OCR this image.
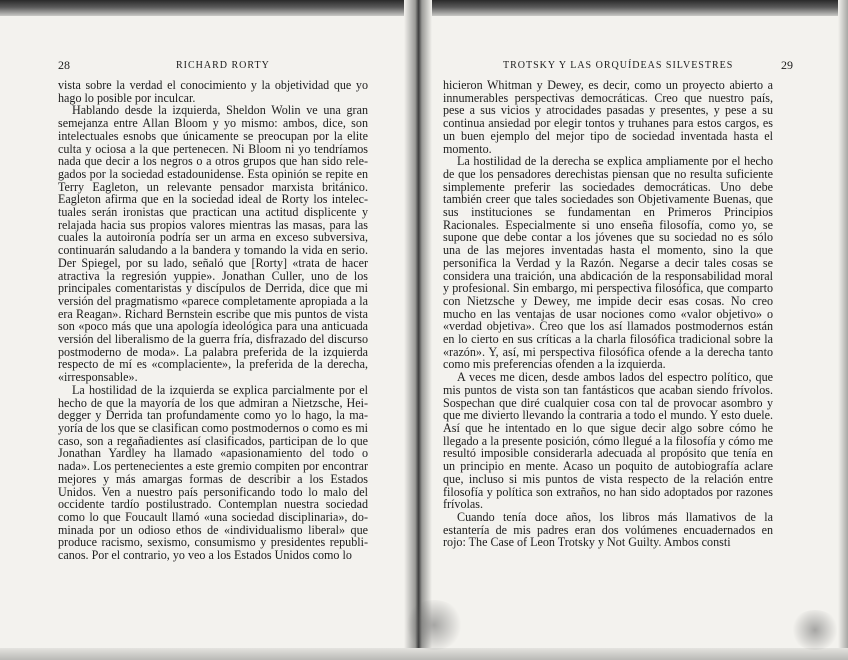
28	RICHARD RORTY

vista sobre la verdad el conocimiento y la objetividad que yo hago lo posible por inculcar.

Hablando desde la izquierda, Sheldon Wolin ve una gran semejanza entre Allan Bloom y yo mismo: ambos, dice, son intelectuales esnobs que únicamente se preocupan por la elite culta y ociosa a la que pertenecen. Ni Bloom ni yo tendríamos nada que decir a los negros o a otros grupos que han sido relegados por la sociedad estadounidense. Esta opinión se repite en Terry Eagleton, un relevante pensador marxista británico. Eagleton afirma que en la sociedad ideal de Rorty los intelectuales serán ironistas que practican una actitud displicente y relajada hacia sus propios valores mientras las masas, para las cuales la autoironía podría ser un arma en exceso subversiva, continuarán saludando a la bandera y tomando la vida en serio. Der Spiegel, por su lado, señaló que [Rorty] «trata de hacer atractiva la regresión yuppie». Jonathan Culler, uno de los principales comentaristas y discípulos de Derrida, dice que mi versión del pragmatismo «parece completamente apropiada a la era Reagan». Richard Bernstein escribe que mis puntos de vista son «poco más que una apología ideológica para una anticuada versión del liberalismo de la guerra fría, disfrazado del discurso postmoderno de moda». La palabra preferida de la izquierda respecto de mí es «complaciente», la preferida de la derecha, «irresponsable».

La hostilidad de la izquierda se explica parcialmente por el hecho de que la mayoría de los que admiran a Nietzsche, Heidegger y Derrida tan profundamente como yo lo hago, la mayoría de los que se clasifican como postmodernos o como es mi caso, son a regañadientes así clasificados, participan de lo que Jonathan Yardley ha llamado «apasionamiento del todo o nada». Los pertenecientes a este gremio compiten por encontrar mejores y más amargas formas de describir a los Estados Unidos. Ven a nuestro país personificando todo lo malo del occidente tardío postilustrado. Contemplan nuestra sociedad como lo que Foucault llamó «una sociedad disciplinaria», dominada por un odioso ethos de «individualismo liberal» que produce racismo, sexismo, consumismo y presidentes republicanos. Por el contrario, yo veo a los Estados Unidos como lo

TROTSKY Y LAS ORQUÍDEAS SILVESTRES	29

hicieron Whitman y Dewey, es decir, como un proyecto abierto a innumerables perspectivas democráticas. Creo que nuestro país, pese a sus vicios y atrocidades pasadas y presentes, y pese a su continua ansiedad por elegir tontos y truhanes para estos cargos, es un buen ejemplo del mejor tipo de sociedad inventada hasta el momento.

La hostilidad de la derecha se explica ampliamente por el hecho de que los pensadores derechistas piensan que no resulta suficiente simplemente preferir las sociedades democráticas. Uno debe también creer que tales sociedades son Objetivamente Buenas, que sus instituciones se fundamentan en Primeros Principios Racionales. Especialmente si uno enseña filosofía, como yo, se supone que debe contar a los jóvenes que su sociedad no es sólo una de las mejores inventadas hasta el momento, sino la que personifica la Verdad y la Razón. Negarse a decir tales cosas se considera una traición, una abdicación de la responsabilidad moral y profesional. Sin embargo, mi perspectiva filosófica, que comparto con Nietzsche y Dewey, me impide decir esas cosas. No creo mucho en las ventajas de usar nociones como «valor objetivo» o «verdad objetiva». Creo que los así llamados postmodernos están en lo cierto en sus críticas a la charla filosófica tradicional sobre la «razón». Y, así, mi perspectiva filosófica ofende a la derecha tanto como mis preferencias ofenden a la izquierda.

A veces me dicen, desde ambos lados del espectro político, que mis puntos de vista son tan fantásticos que acaban siendo frívolos. Sospechan que diré cualquier cosa con tal de provocar asombro y que me divierto llevando la contraria a todo el mundo. Y esto duele. Así que he intentado en lo que sigue decir algo sobre cómo he llegado a la presente posición, cómo llegué a la filosofía y cómo me resultó imposible considerarla adecuada al propósito que tenía en un principio en mente. Acaso un poquito de autobiografía aclare que, incluso si mis puntos de vista respecto de la relación entre filosofía y política son extraños, no han sido adoptados por razones frívolas.

Cuando tenía doce años, los libros más llamativos de la estantería de mis padres eran dos volúmenes encuadernados en rojo: The Case of Leon Trotsky y Not Guilty. Ambos consti
